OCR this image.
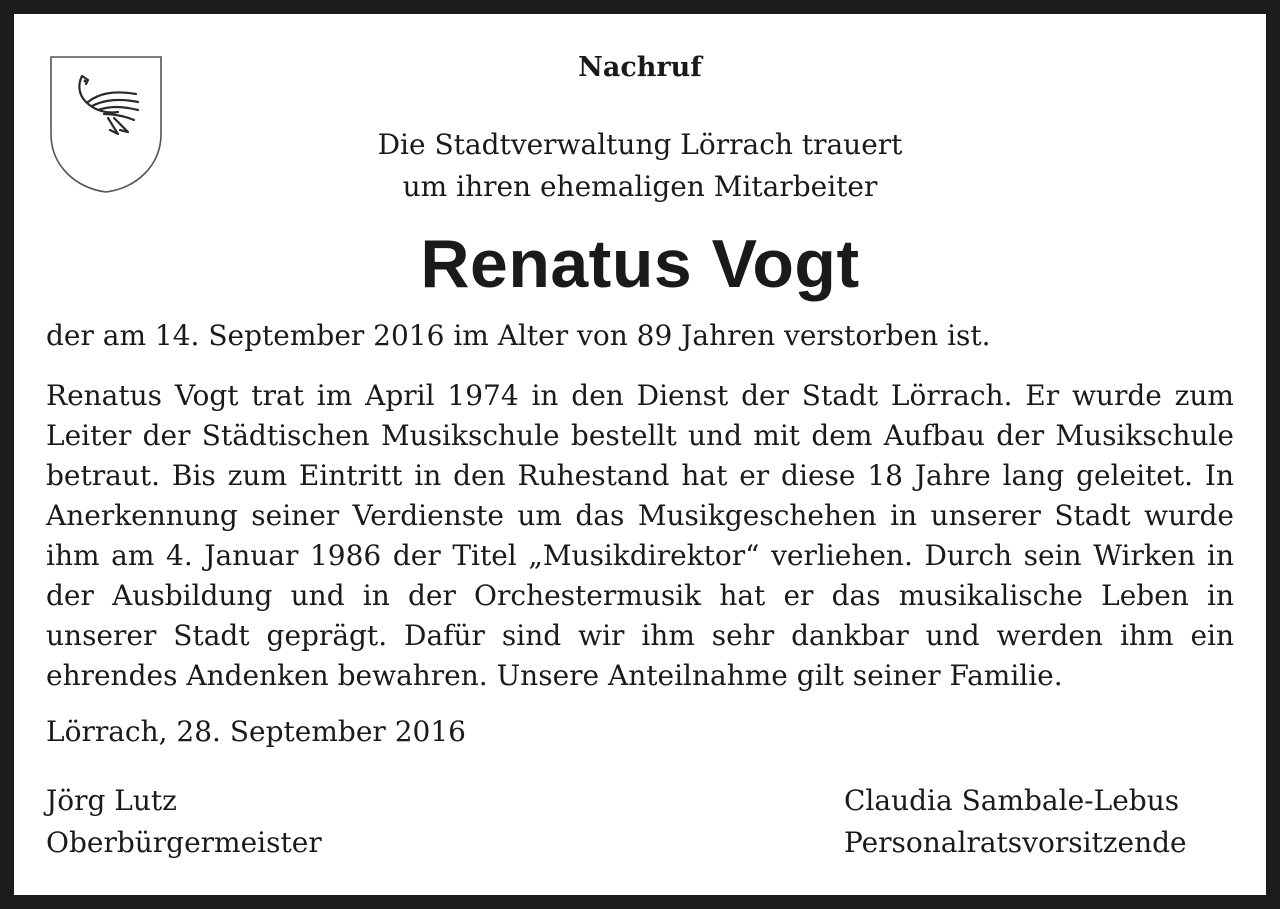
Nachruf
Die Stadtverwaltung Lörrach trauert
um ihren ehemaligen Mitarbeiter
Renatus Vogt
der am 14. September 2016 im Alter von 89 Jahren verstorben ist.
Renatus Vogt trat im April 1974 in den Dienst der Stadt Lörrach. Er wurde zum Leiter der Städtischen Musikschule bestellt und mit dem Aufbau der Musikschule betraut. Bis zum Eintritt in den Ruhestand hat er diese 18 Jahre lang geleitet. In Anerkennung seiner Verdienste um das Musikgeschehen in unserer Stadt wurde ihm am 4. Januar 1986 der Titel „Musikdirektor“ verliehen. Durch sein Wirken in der Ausbildung und in der Orchestermusik hat er das musikalische Leben in unserer Stadt geprägt. Dafür sind wir ihm sehr dankbar und werden ihm ein ehrendes Andenken bewahren. Unsere Anteilnahme gilt seiner Familie.
Lörrach, 28. September 2016
Jörg Lutz
Oberbürgermeister
Claudia Sambale-Lebus
Personalratsvorsitzende
